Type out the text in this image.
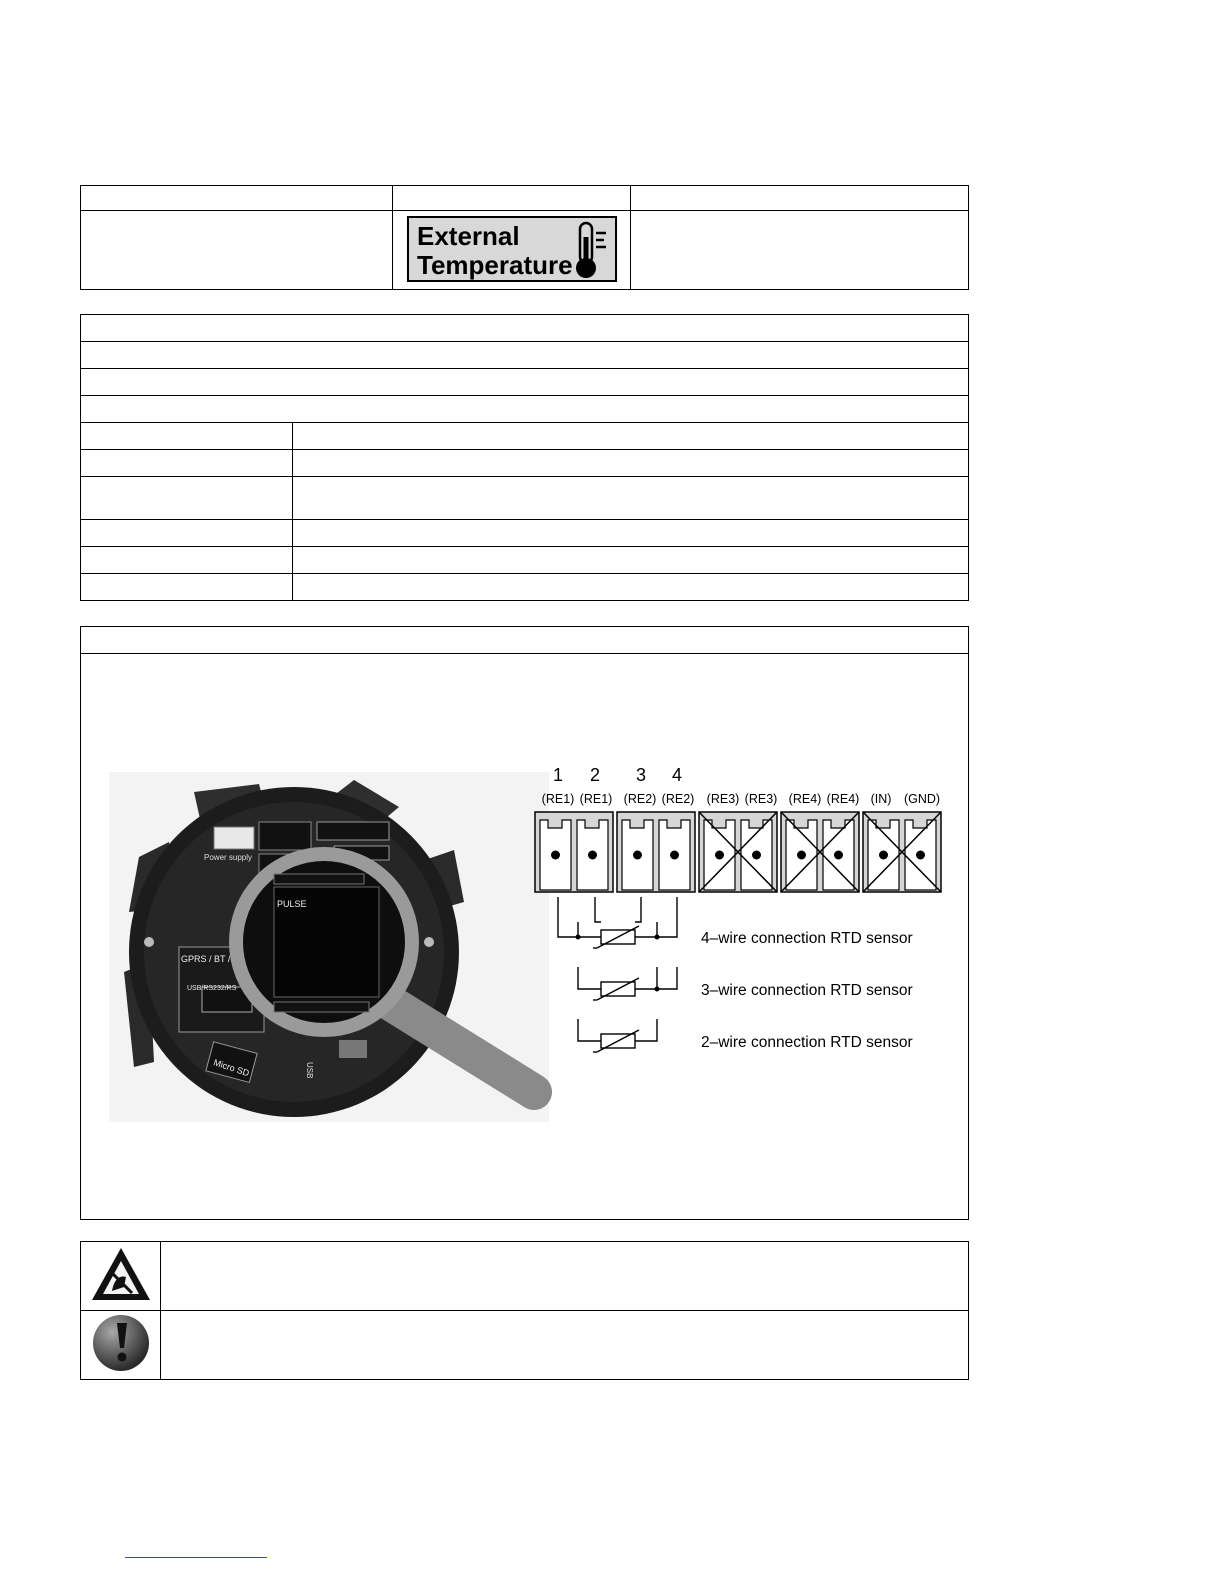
	External
Temperature	

Power supply
GPRS / BT /
USB/RS232/RS
Micro SD	USB
PULSE
1 2 3 4
(RE1) (RE1) (RE2) (RE2) (RE3) (RE3) (RE4) (RE4) (IN) (GND)
4–wire connection RTD sensor
3–wire connection RTD sensor
2–wire connection RTD sensor
